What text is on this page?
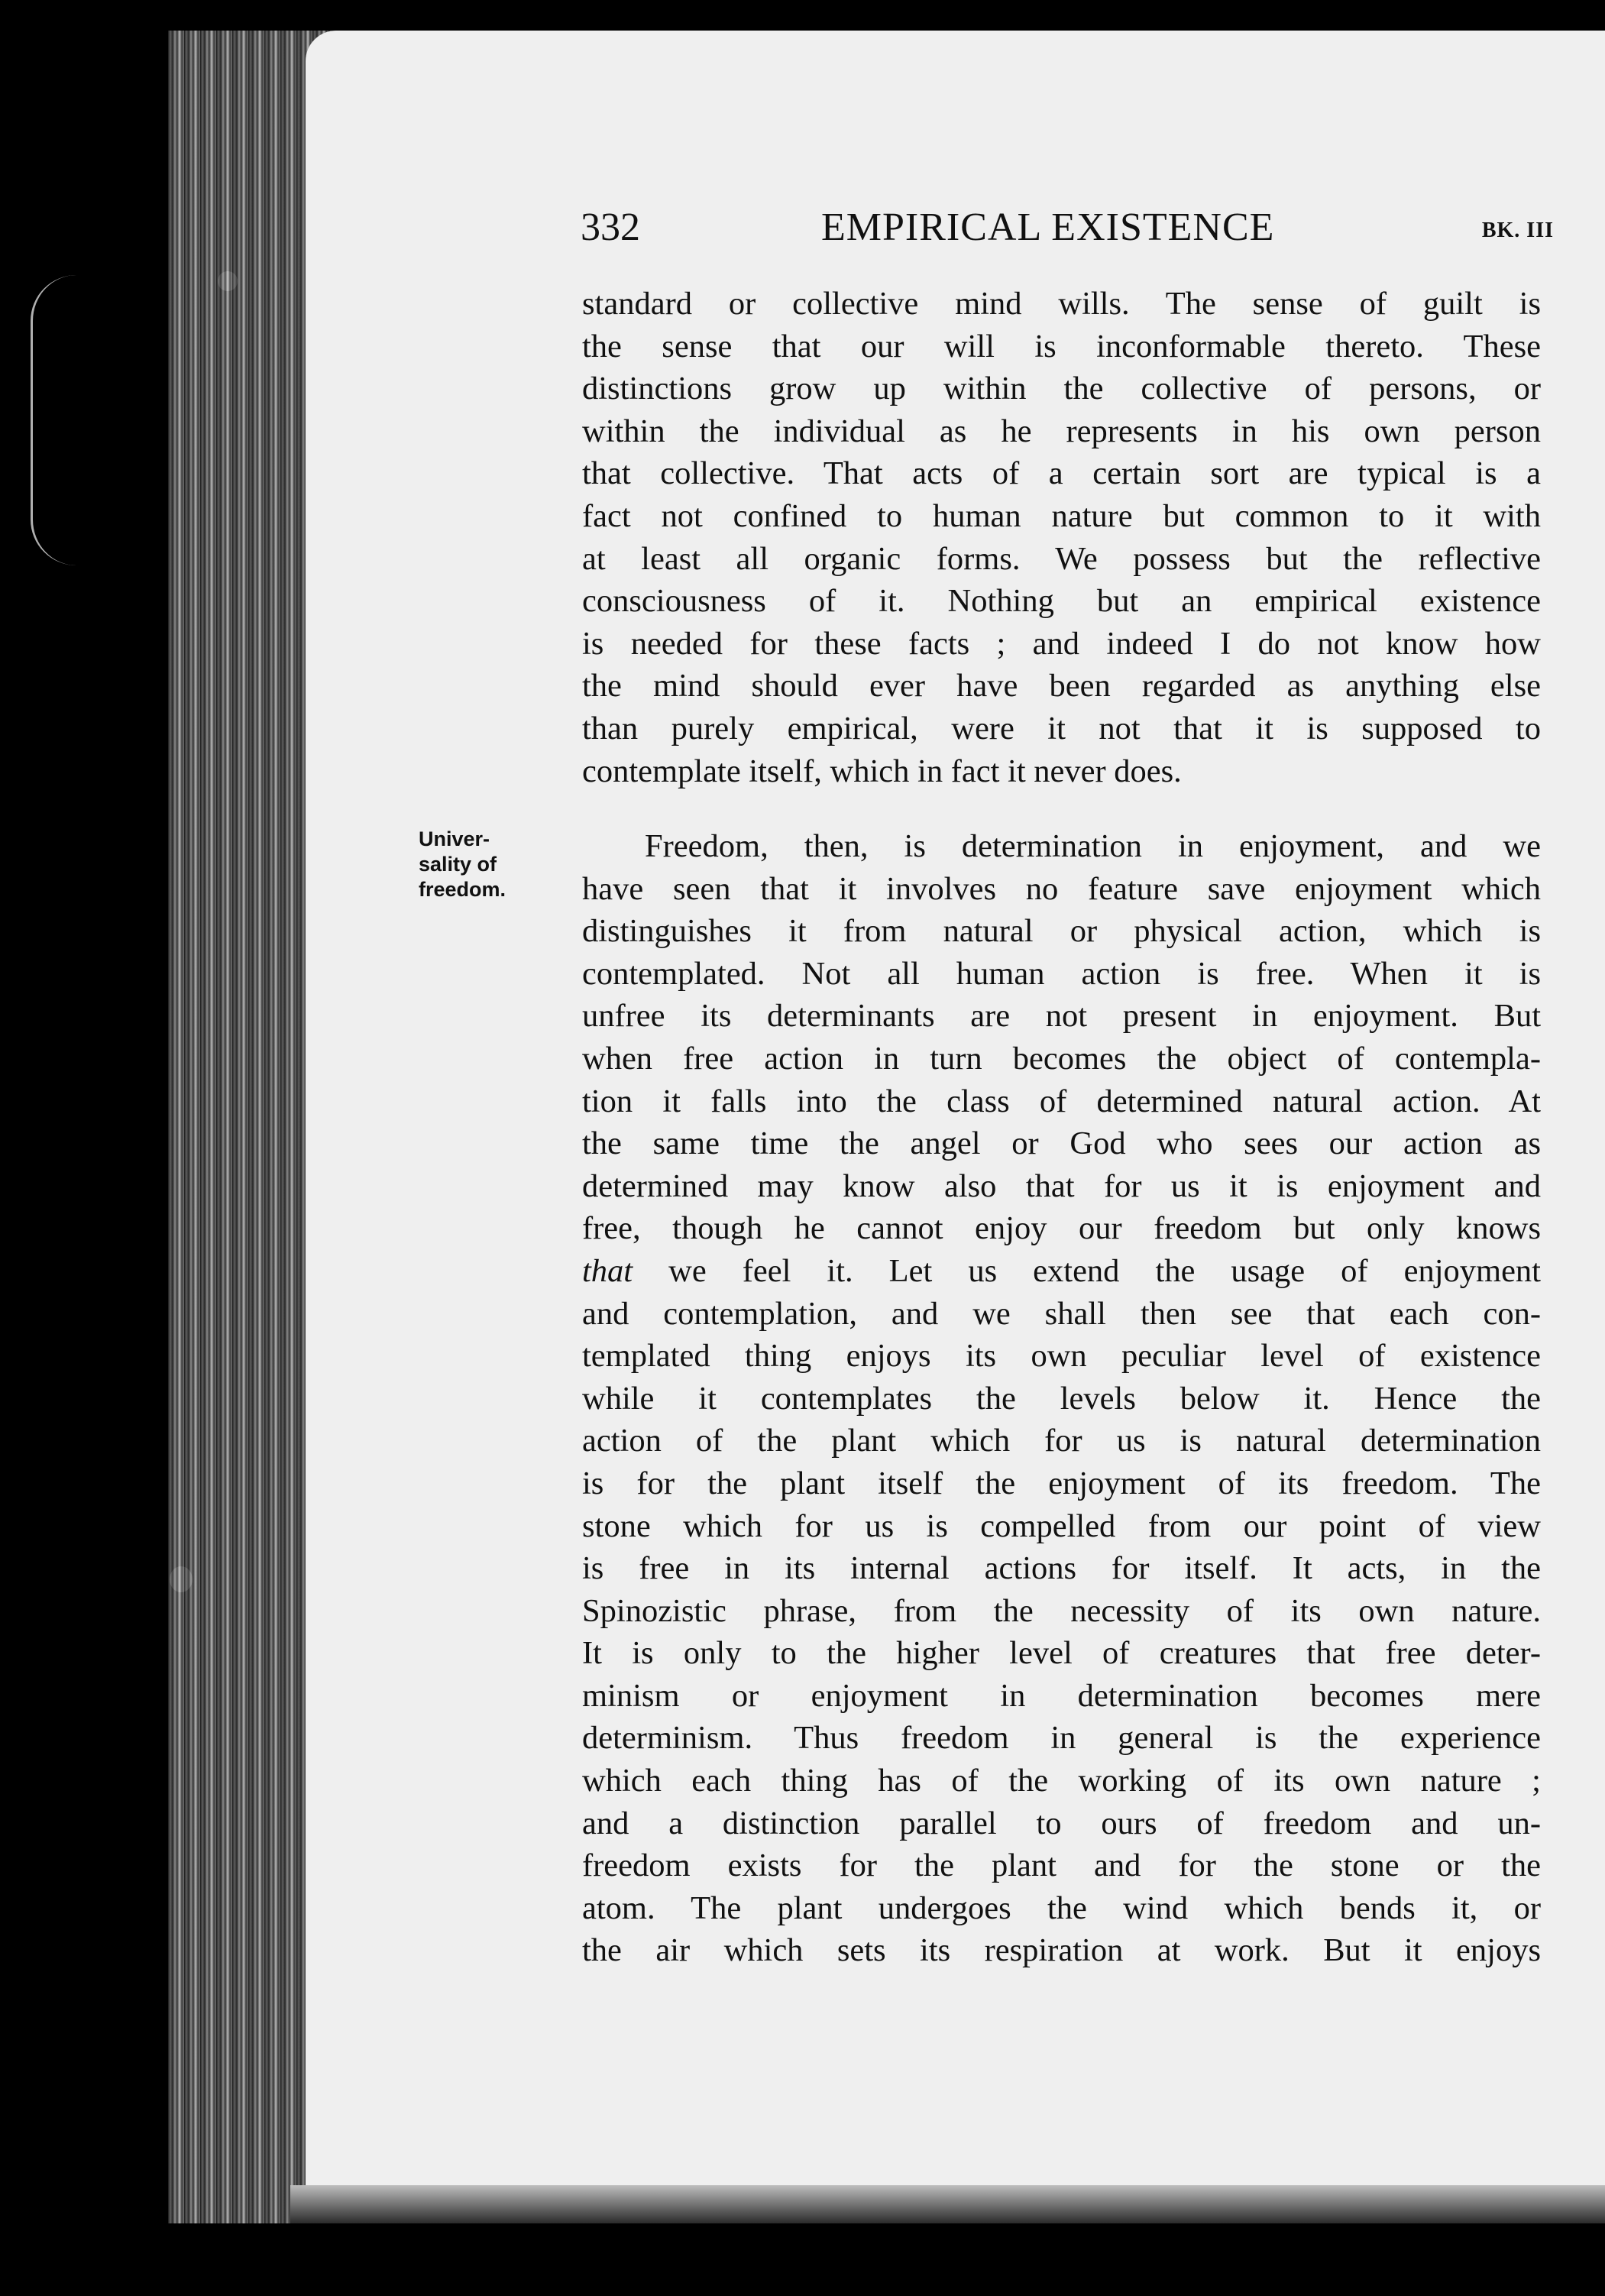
332	EMPIRICAL EXISTENCE	BK. III
standard or collective mind wills. The sense of guilt is
the sense that our will is inconformable thereto. These
distinctions grow up within the collective of persons, or
within the individual as he represents in his own person
that collective. That acts of a certain sort are typical is a
fact not confined to human nature but common to it with
at least all organic forms. We possess but the reflective
consciousness of it. Nothing but an empirical existence
is needed for these facts ; and indeed I do not know how
the mind should ever have been regarded as anything else
than purely empirical, were it not that it is supposed to
contemplate itself, which in fact it never does.
Univer-
sality of
freedom.
Freedom, then, is determination in enjoyment, and we
have seen that it involves no feature save enjoyment which
distinguishes it from natural or physical action, which is
contemplated. Not all human action is free. When it is
unfree its determinants are not present in enjoyment. But
when free action in turn becomes the object of contempla-
tion it falls into the class of determined natural action. At
the same time the angel or God who sees our action as
determined may know also that for us it is enjoyment and
free, though he cannot enjoy our freedom but only knows
that we feel it. Let us extend the usage of enjoyment
and contemplation, and we shall then see that each con-
templated thing enjoys its own peculiar level of existence
while it contemplates the levels below it. Hence the
action of the plant which for us is natural determination
is for the plant itself the enjoyment of its freedom. The
stone which for us is compelled from our point of view
is free in its internal actions for itself. It acts, in the
Spinozistic phrase, from the necessity of its own nature.
It is only to the higher level of creatures that free deter-
minism or enjoyment in determination becomes mere
determinism. Thus freedom in general is the experience
which each thing has of the working of its own nature ;
and a distinction parallel to ours of freedom and un-
freedom exists for the plant and for the stone or the
atom. The plant undergoes the wind which bends it, or
the air which sets its respiration at work. But it enjoys
